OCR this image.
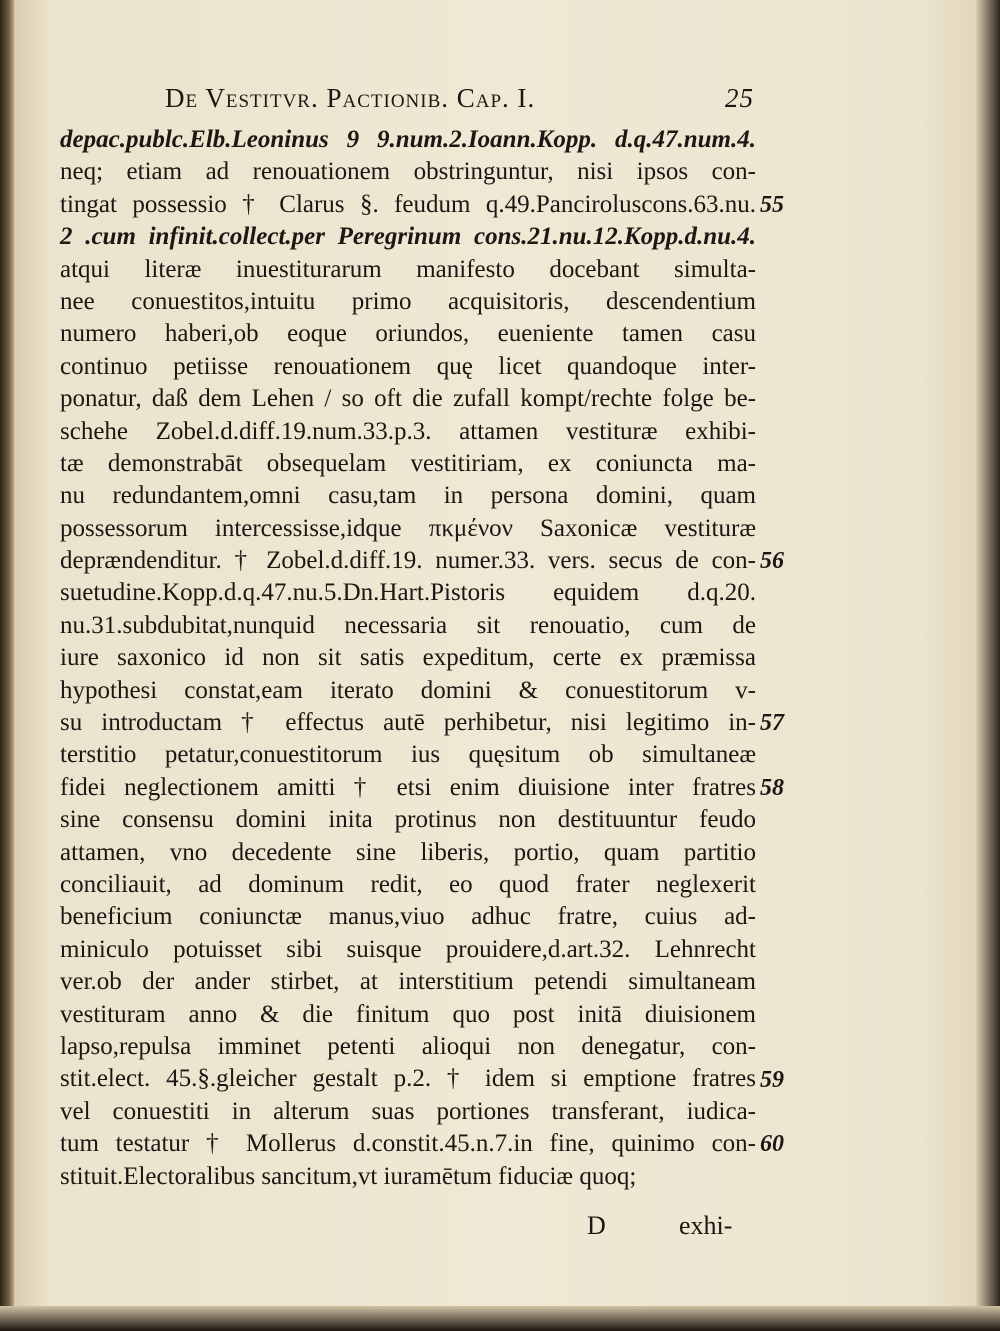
De Vestitvr. Pactionib. Cap. I.	25
depac.publc.Elb.Leoninus 9 9.num.2.Ioann.Kopp. d.q.47.num.4.
neq; etiam ad renouationem obstringuntur, nisi ipsos con-
tingat possessio † Clarus §. feudum q.49.Panciroluscons.63.nu. 55
2 .cum infinit.collect.per Peregrinum cons.21.nu.12.Kopp.d.nu.4.
atqui literæ inuestiturarum manifesto docebant simulta-
nee conuestitos,intuitu primo acquisitoris, descendentium
numero haberi,ob eoque oriundos, eueniente tamen casu
continuo petiisse renouationem quę licet quandoque inter-
ponatur, daß dem Lehen / so oft die zufall kompt/rechte folge be-
schehe Zobel.d.diff.19.num.33.p.3. attamen vestituræ exhibi-
tæ demonstrabāt obsequelam vestitiriam, ex coniuncta ma-
nu redundantem,omni casu,tam in persona domini, quam
possessorum intercessisse,idque πκμένον Saxonicæ vestituræ
deprændenditur. † Zobel.d.diff.19. numer.33. vers. secus de con- 56
suetudine.Kopp.d.q.47.nu.5.Dn.Hart.Pistoris equidem d.q.20.
nu.31.subdubitat,nunquid necessaria sit renouatio, cum de
iure saxonico id non sit satis expeditum, certe ex præmissa
hypothesi constat,eam iterato domini & conuestitorum v-
su introductam † effectus autē perhibetur, nisi legitimo in- 57
terstitio petatur,conuestitorum ius quęsitum ob simultaneæ
fidei neglectionem amitti † etsi enim diuisione inter fratres 58
sine consensu domini inita protinus non destituuntur feudo
attamen, vno decedente sine liberis, portio, quam partitio
conciliauit, ad dominum redit, eo quod frater neglexerit
beneficium coniunctæ manus,viuo adhuc fratre, cuius ad-
miniculo potuisset sibi suisque prouidere,d.art.32. Lehnrecht
ver.ob der ander stirbet, at interstitium petendi simultaneam
vestituram anno & die finitum quo post initā diuisionem
lapso,repulsa imminet petenti alioqui non denegatur, con-
stit.elect. 45.§.gleicher gestalt p.2. † idem si emptione fratres 59
vel conuestiti in alterum suas portiones transferant, iudica-
tum testatur † Mollerus d.constit.45.n.7.in fine, quinimo con- 60
stituit.Electoralibus sancitum,vt iuramētum fiduciæ quoq;
D	exhi-
